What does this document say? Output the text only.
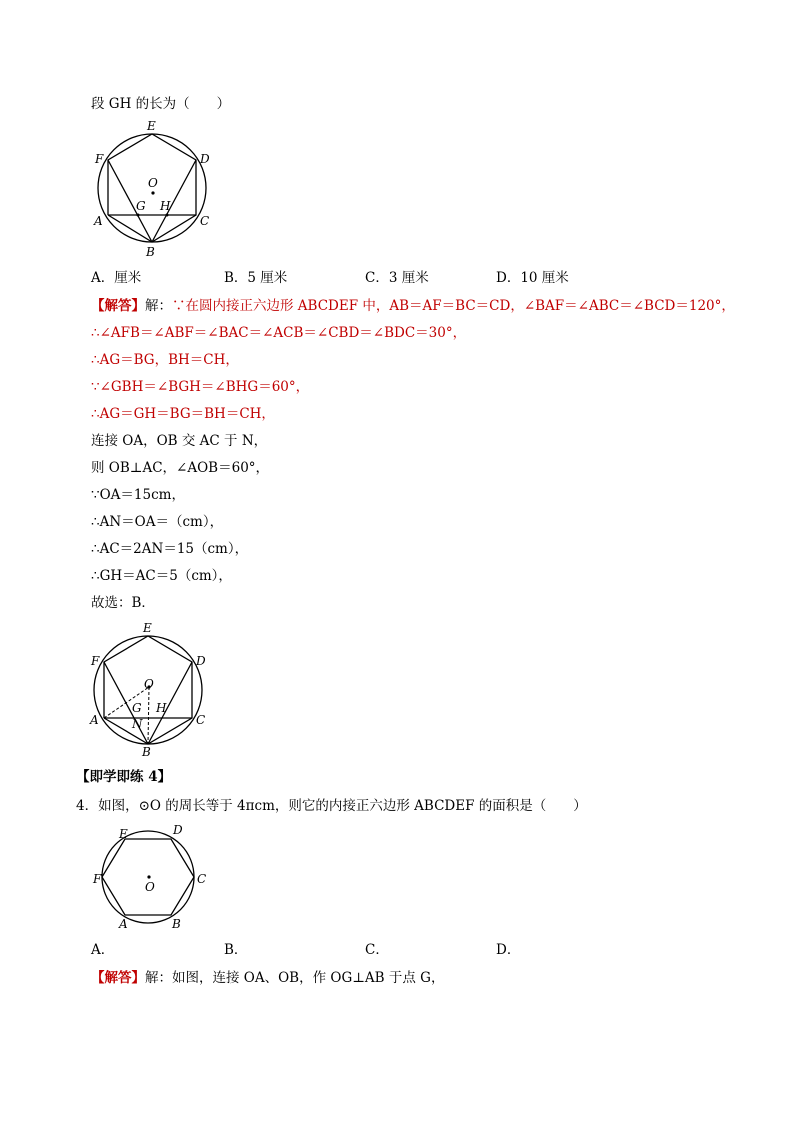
段 GH 的长为（　　）
E
F	D
O
A
G H
C
B
A．厘米	B．5 厘米	C．3 厘米	D．10 厘米
【解答】解：∵在圆内接正六边形 ABCDEF 中，AB＝AF＝BC＝CD，∠BAF＝∠ABC＝∠BCD＝120°，
∴∠AFB＝∠ABF＝∠BAC＝∠ACB＝∠CBD＝∠BDC＝30°，
∴AG＝BG，BH＝CH，
∵∠GBH＝∠BGH＝∠BHG＝60°，
∴AG＝GH＝BG＝BH＝CH，
连接 OA，OB 交 AC 于 N，
则 OB⊥AC，∠AOB＝60°，
∵OA＝15cm，
∴AN＝OA＝（cm），
∴AC＝2AN＝15（cm），
∴GH＝AC＝5（cm），
故选：B．
E
F	D
O
A
G H
N	C
B
【即学即练 4】
4．如图，⊙O 的周长等于 4πcm，则它的内接正六边形 ABCDEF 的面积是（　　）
E	D
F
O
C
A	B
A．	B．	C．	D．
【解答】解：如图，连接 OA、OB，作 OG⊥AB 于点 G，
